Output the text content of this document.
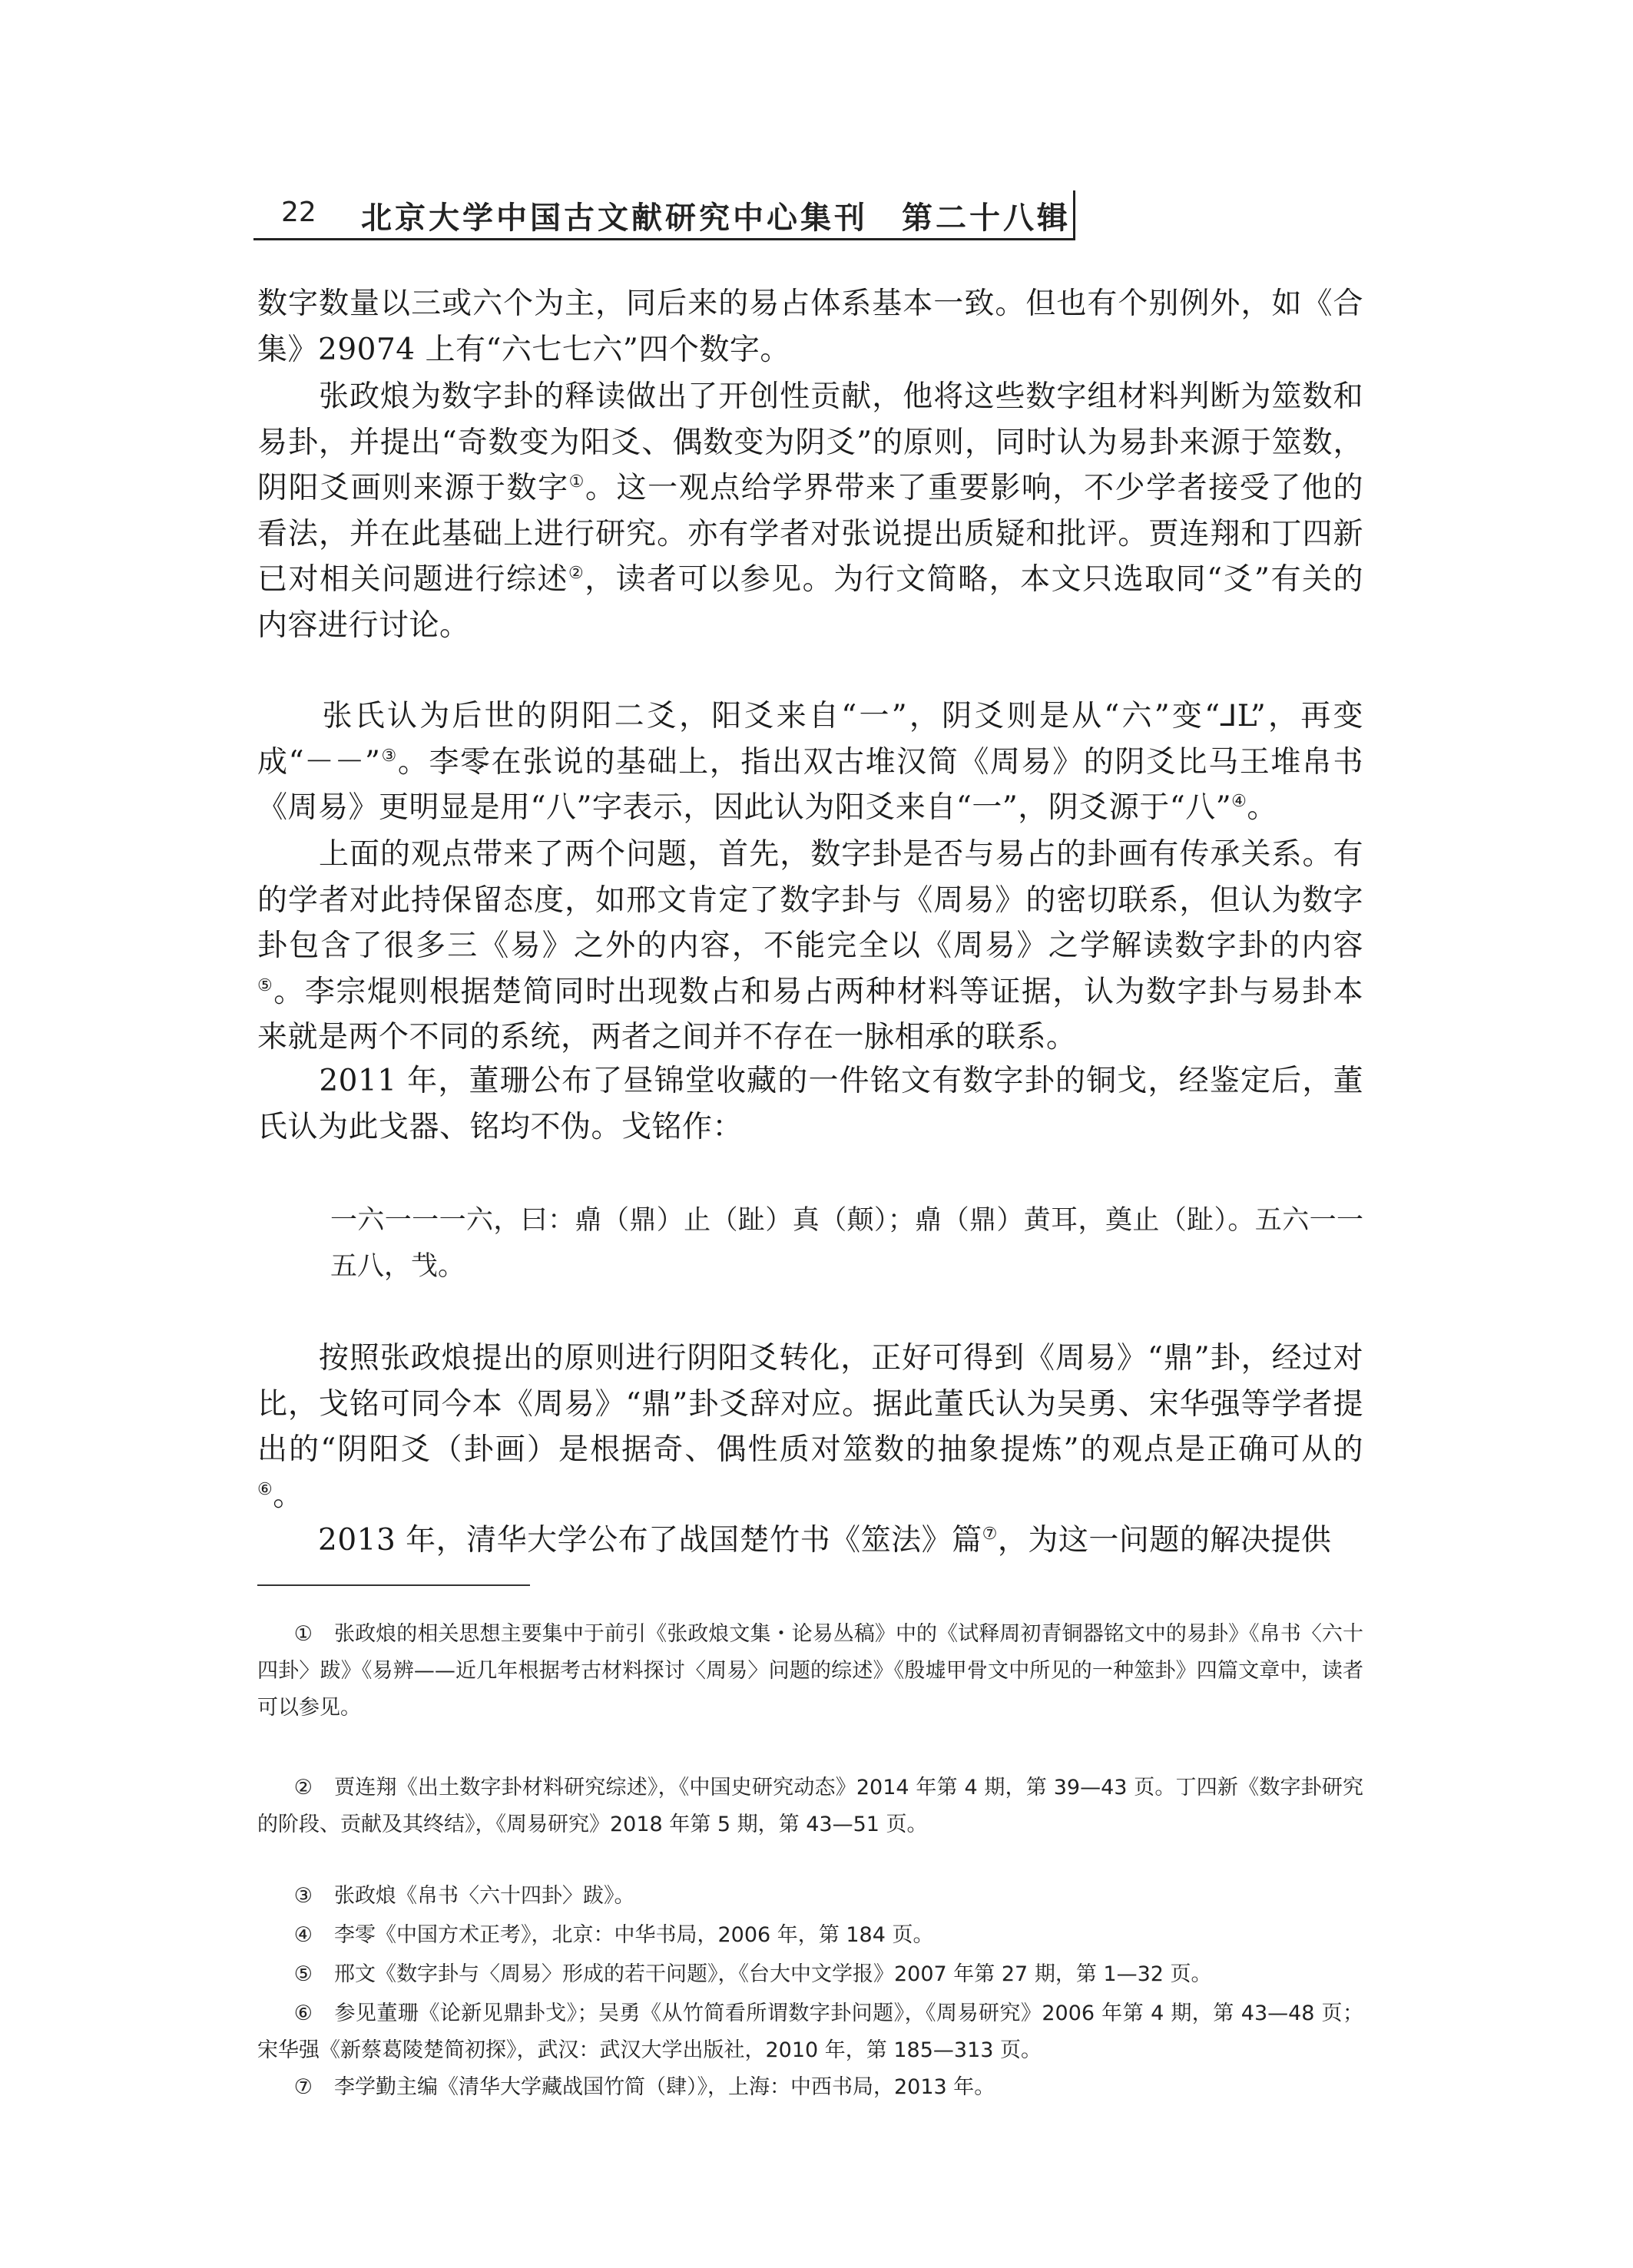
22 北京大学中国古文献研究中心集刊　第二十八辑
数字数量以三或六个为主，同后来的易占体系基本一致。但也有个别例外，如《合集》29074 上有“六七七六”四个数字。
　　张政烺为数字卦的释读做出了开创性贡献，他将这些数字组材料判断为筮数和易卦，并提出“奇数变为阳爻、偶数变为阴爻”的原则，同时认为易卦来源于筮数，阴阳爻画则来源于数字①。这一观点给学界带来了重要影响，不少学者接受了他的看法，并在此基础上进行研究。亦有学者对张说提出质疑和批评。贾连翔和丁四新已对相关问题进行综述②，读者可以参见。为行文简略，本文只选取同“爻”有关的内容进行讨论。
　　张氏认为后世的阴阳二爻，阳爻来自“一”，阴爻则是从“六”变“⅃L”，再变成“－－”③。李零在张说的基础上，指出双古堆汉简《周易》的阴爻比马王堆帛书《周易》更明显是用“八”字表示，因此认为阳爻来自“一”，阴爻源于“八”④。
　　上面的观点带来了两个问题，首先，数字卦是否与易占的卦画有传承关系。有的学者对此持保留态度，如邢文肯定了数字卦与《周易》的密切联系，但认为数字卦包含了很多三《易》之外的内容，不能完全以《周易》之学解读数字卦的内容⑤。李宗焜则根据楚简同时出现数占和易占两种材料等证据，认为数字卦与易卦本来就是两个不同的系统，两者之间并不存在一脉相承的联系。
　　2011 年，董珊公布了昼锦堂收藏的一件铭文有数字卦的铜戈，经鉴定后，董氏认为此戈器、铭均不伪。戈铭作：
一六一一一六，曰：鼑（鼎）止（趾）真（颠）；鼑（鼎）黄耳，奠止（趾）。五六一一五八，𢦏。
　　按照张政烺提出的原则进行阴阳爻转化，正好可得到《周易》“鼎”卦，经过对比，戈铭可同今本《周易》“鼎”卦爻辞对应。据此董氏认为吴勇、宋华强等学者提出的“阴阳爻（卦画）是根据奇、偶性质对筮数的抽象提炼”的观点是正确可从的⑥。
　　2013 年，清华大学公布了战国楚竹书《筮法》篇⑦，为这一问题的解决提供
① 张政烺的相关思想主要集中于前引《张政烺文集・论易丛稿》中的《试释周初青铜器铭文中的易卦》《帛书〈六十四卦〉跋》《易辨——近几年根据考古材料探讨〈周易〉问题的综述》《殷墟甲骨文中所见的一种筮卦》四篇文章中，读者可以参见。
② 贾连翔《出土数字卦材料研究综述》，《中国史研究动态》2014 年第 4 期，第 39—43 页。丁四新《数字卦研究的阶段、贡献及其终结》，《周易研究》2018 年第 5 期，第 43—51 页。
③ 张政烺《帛书〈六十四卦〉跋》。
④ 李零《中国方术正考》，北京：中华书局，2006 年，第 184 页。
⑤ 邢文《数字卦与〈周易〉形成的若干问题》，《台大中文学报》2007 年第 27 期，第 1—32 页。
⑥ 参见董珊《论新见鼎卦戈》；吴勇《从竹简看所谓数字卦问题》，《周易研究》2006 年第 4 期，第 43—48 页；宋华强《新蔡葛陵楚简初探》，武汉：武汉大学出版社，2010 年，第 185—313 页。
⑦ 李学勤主编《清华大学藏战国竹简（肆）》，上海：中西书局，2013 年。
